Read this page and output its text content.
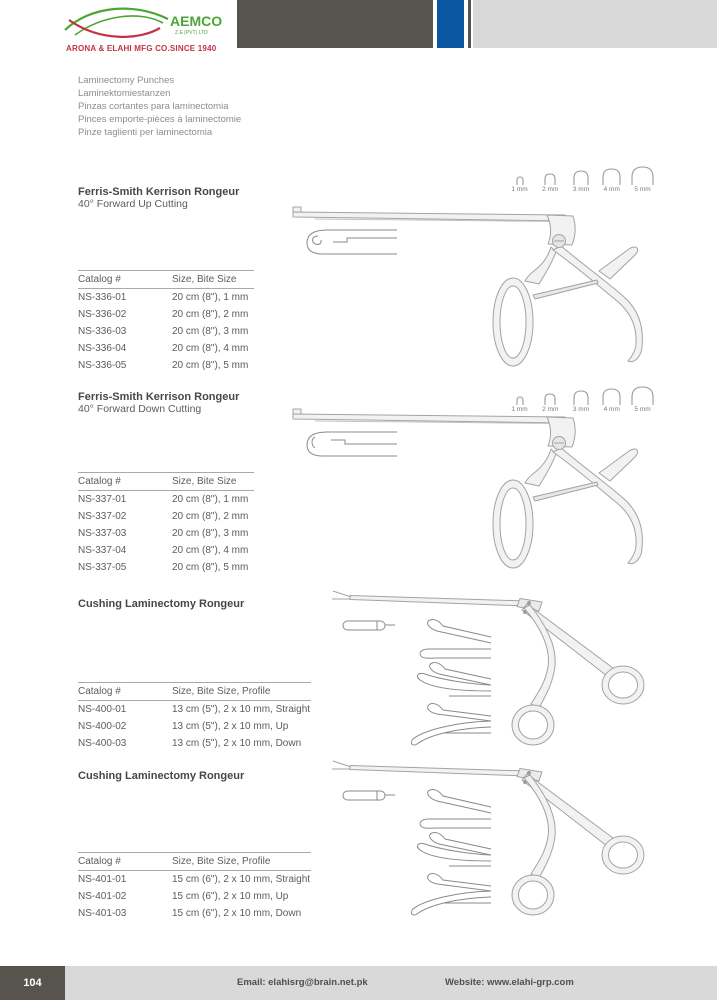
AEMCO
Z.E (PVT) LTD
ARONA & ELAHI MFG CO.SINCE 1940
Laminectomy Punches
Laminektomiestanzen
Pinzas cortantes para laminectomia
Pinces emporte-pièces à laminectomie
Pinze taglienti per laminectomia
Ferris-Smith Kerrison Rongeur
40° Forward Up Cutting
1 mm 2 mm 3 mm 4 mm 5 mm
Catalog #	Size, Bite Size
NS-336-01	20 cm (8"), 1 mm
NS-336-02	20 cm (8"), 2 mm
NS-336-03	20 cm (8"), 3 mm
NS-336-04	20 cm (8"), 4 mm
NS-336-05	20 cm (8"), 5 mm
Ferris-Smith Kerrison Rongeur
40° Forward Down Cutting	1 mm 2 mm 3 mm 4 mm 5 mm
Catalog #	Size, Bite Size
NS-337-01	20 cm (8"), 1 mm
NS-337-02	20 cm (8"), 2 mm
NS-337-03	20 cm (8"), 3 mm
NS-337-04	20 cm (8"), 4 mm
NS-337-05	20 cm (8"), 5 mm
Cushing Laminectomy Rongeur
Catalog #	Size, Bite Size, Profile
NS-400-01	13 cm (5"), 2 x 10 mm, Straight
NS-400-02	13 cm (5"), 2 x 10 mm, Up
NS-400-03	13 cm (5"), 2 x 10 mm, Down
Cushing Laminectomy Rongeur
Catalog #	Size, Bite Size, Profile
NS-401-01	15 cm (6"), 2 x 10 mm, Straight
NS-401-02	15 cm (6"), 2 x 10 mm, Up
NS-401-03	15 cm (6"), 2 x 10 mm, Down
104	Email: elahisrg@brain.net.pk	Website: www.elahi-grp.com
